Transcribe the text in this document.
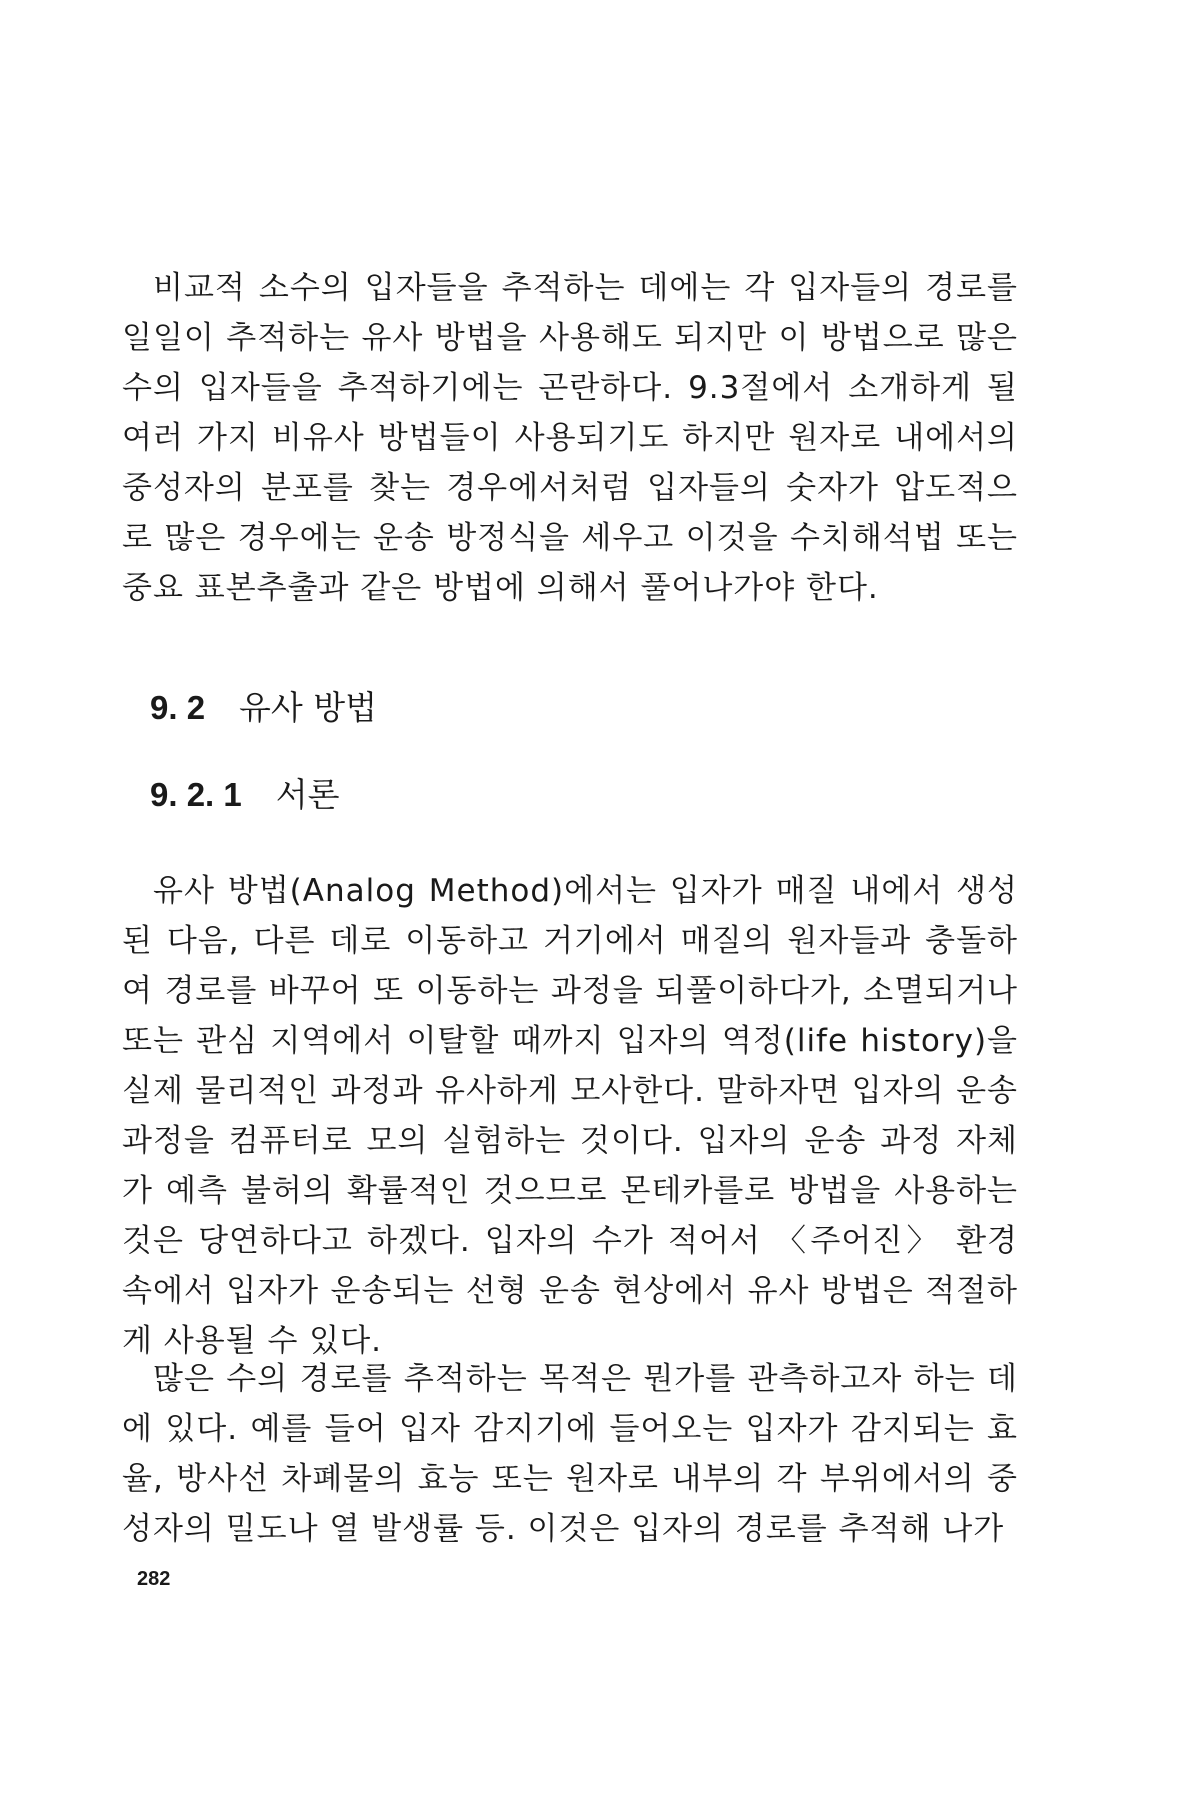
비교적 소수의 입자들을 추적하는 데에는 각 입자들의 경로를 일일이 추적하는 유사 방법을 사용해도 되지만 이 방법으로 많은 수의 입자들을 추적하기에는 곤란하다. 9.3절에서 소개하게 될 여러 가지 비유사 방법들이 사용되기도 하지만 원자로 내에서의 중성자의 분포를 찾는 경우에서처럼 입자들의 숫자가 압도적으로 많은 경우에는 운송 방정식을 세우고 이것을 수치해석법 또는 중요 표본추출과 같은 방법에 의해서 풀어나가야 한다.

9. 2 유사 방법
9. 2. 1 서론

유사 방법(Analog Method)에서는 입자가 매질 내에서 생성된 다음, 다른 데로 이동하고 거기에서 매질의 원자들과 충돌하여 경로를 바꾸어 또 이동하는 과정을 되풀이하다가, 소멸되거나 또는 관심 지역에서 이탈할 때까지 입자의 역정(life history)을 실제 물리적인 과정과 유사하게 모사한다. 말하자면 입자의 운송 과정을 컴퓨터로 모의 실험하는 것이다. 입자의 운송 과정 자체가 예측 불허의 확률적인 것으므로 몬테카를로 방법을 사용하는 것은 당연하다고 하겠다. 입자의 수가 적어서 〈주어진〉 환경 속에서 입자가 운송되는 선형 운송 현상에서 유사 방법은 적절하게 사용될 수 있다.

많은 수의 경로를 추적하는 목적은 뭔가를 관측하고자 하는 데에 있다. 예를 들어 입자 감지기에 들어오는 입자가 감지되는 효율, 방사선 차폐물의 효능 또는 원자로 내부의 각 부위에서의 중성자의 밀도나 열 발생률 등. 이것은 입자의 경로를 추적해 나가

282
